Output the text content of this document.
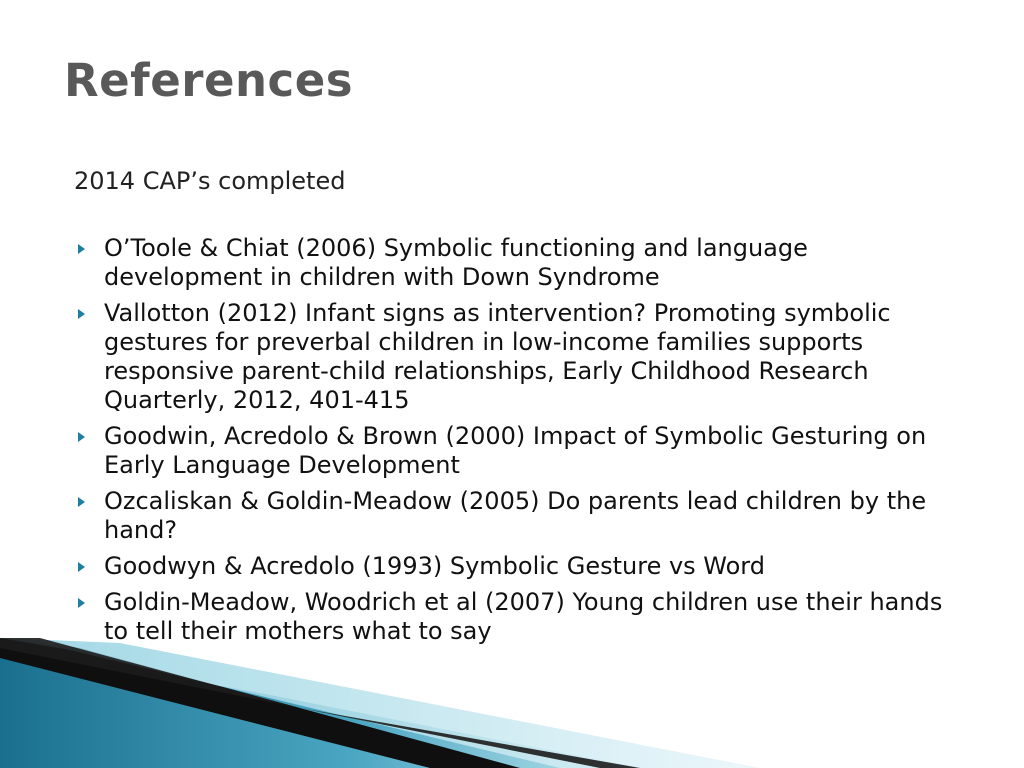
References
2014 CAP’s completed
O’Toole & Chiat (2006) Symbolic functioning and language development in children with Down Syndrome
Vallotton (2012) Infant signs as intervention? Promoting symbolic gestures for preverbal children in low-income families supports responsive parent-child relationships, Early Childhood Research Quarterly, 2012, 401-415
Goodwin, Acredolo & Brown (2000) Impact of Symbolic Gesturing on Early Language Development
Ozcaliskan & Goldin-Meadow (2005) Do parents lead children by the hand?
Goodwyn & Acredolo (1993) Symbolic Gesture vs Word
Goldin-Meadow, Woodrich et al (2007) Young children use their hands to tell their mothers what to say
